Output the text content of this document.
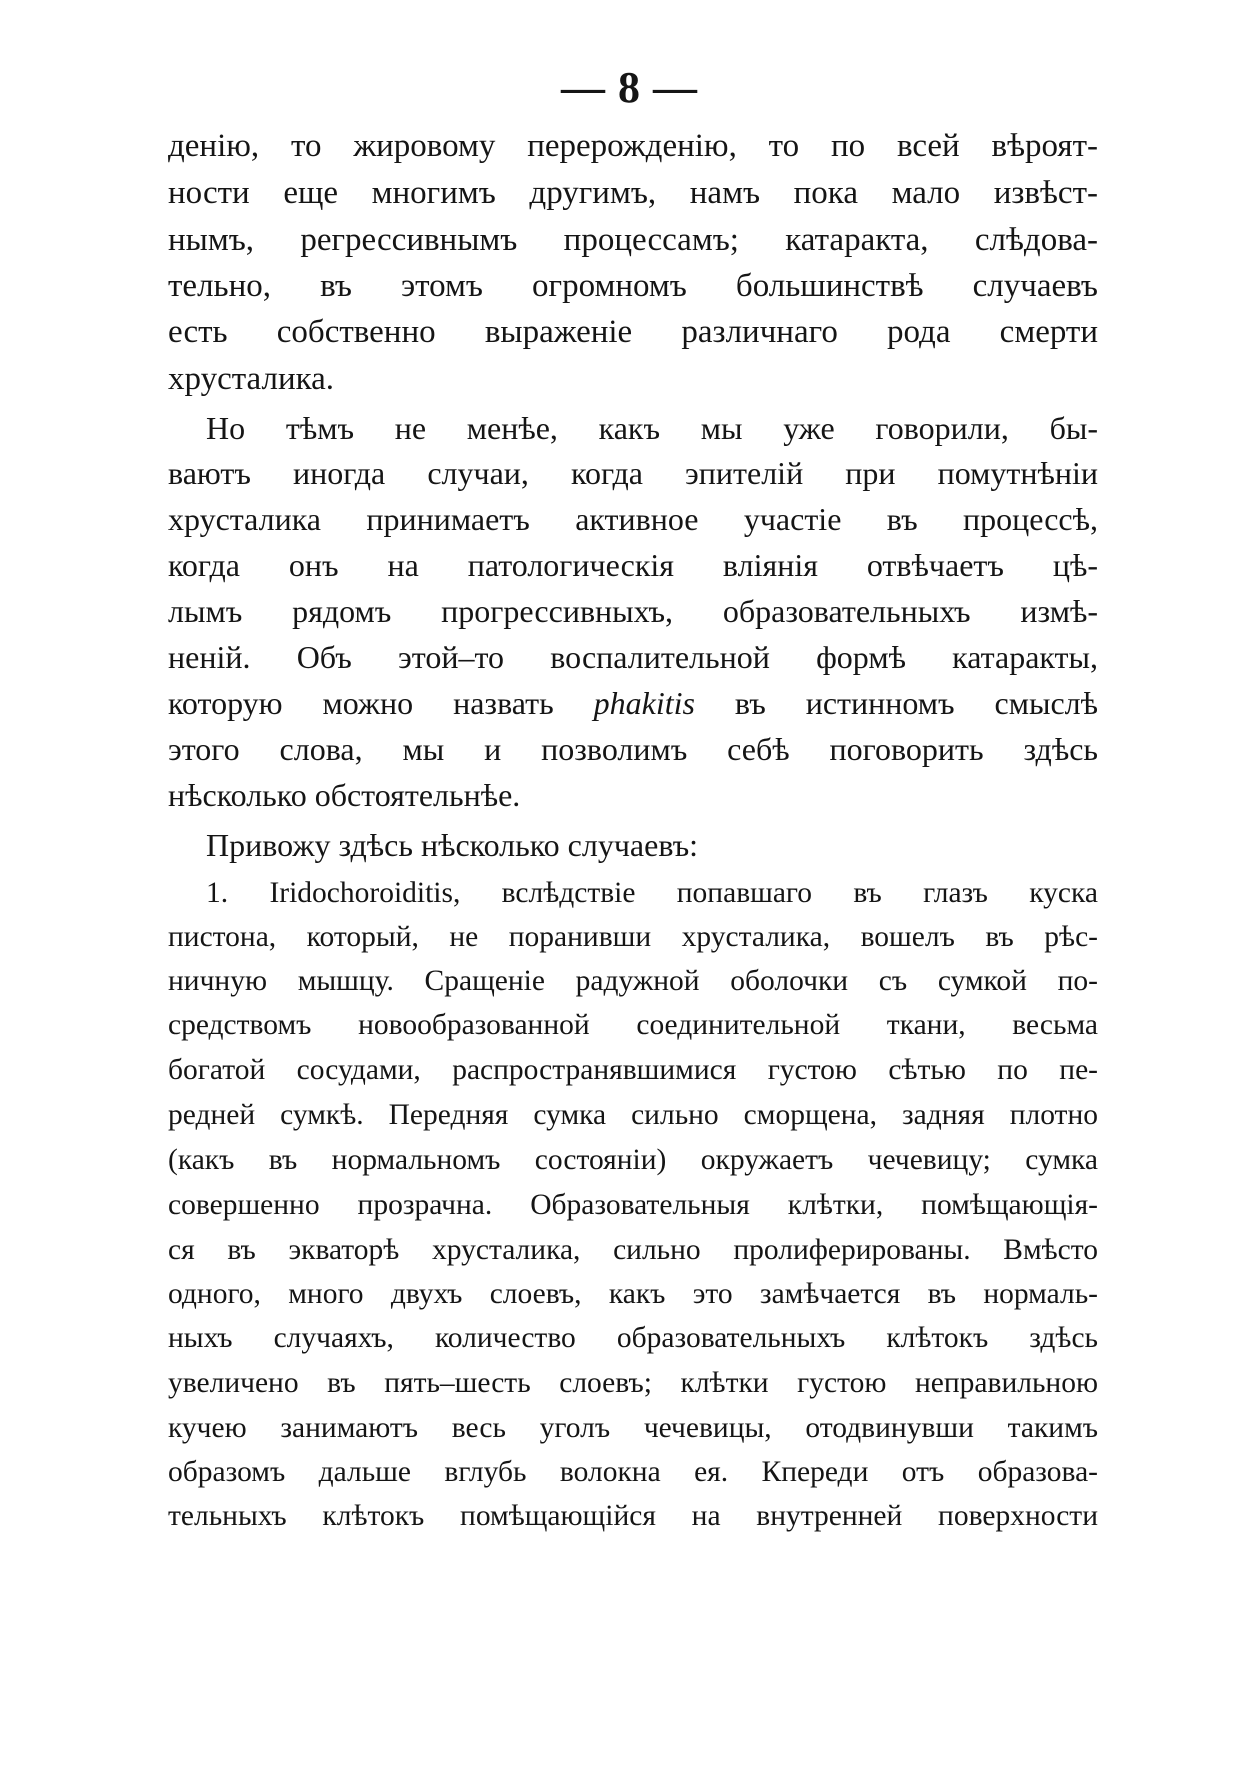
— 8 —
денію, то жировому перерожденію, то по всей вѣроят-
ности еще многимъ другимъ, намъ пока мало извѣст-
нымъ, регрессивнымъ процессамъ; катаракта, слѣдова-
тельно, въ этомъ огромномъ большинствѣ случаевъ
есть собственно выраженіе различнаго рода смерти
хрусталика.
Но тѣмъ не менѣе, какъ мы уже говорили, бы-
ваютъ иногда случаи, когда эпителій при помутнѣніи
хрусталика принимаетъ активное участіе въ процессѣ,
когда онъ на патологическія вліянія отвѣчаетъ цѣ-
лымъ рядомъ прогрессивныхъ, образовательныхъ измѣ-
неній. Объ этой–то воспалительной формѣ катаракты,
которую можно назвать phakitis въ истинномъ смыслѣ
этого слова, мы и позволимъ себѣ поговорить здѣсь
нѣсколько обстоятельнѣе.
Привожу здѣсь нѣсколько случаевъ:
1. Iridochoroiditis, вслѣдствіе попавшаго въ глазъ куска
пистона, который, не поранивши хрусталика, вошелъ въ рѣс-
ничную мышцу. Сращеніе радужной оболочки съ сумкой по-
средствомъ новообразованной соединительной ткани, весьма
богатой сосудами, распространявшимися густою сѣтью по пе-
редней сумкѣ. Передняя сумка сильно сморщена, задняя плотно
(какъ въ нормальномъ состояніи) окружаетъ чечевицу; сумка
совершенно прозрачна. Образовательныя клѣтки, помѣщающія-
ся въ экваторѣ хрусталика, сильно пролиферированы. Вмѣсто
одного, много двухъ слоевъ, какъ это замѣчается въ нормаль-
ныхъ случаяхъ, количество образовательныхъ клѣтокъ здѣсь
увеличено въ пять–шесть слоевъ; клѣтки густою неправильною
кучею занимаютъ весь уголъ чечевицы, отодвинувши такимъ
образомъ дальше вглубь волокна ея. Кпереди отъ образова-
тельныхъ клѣтокъ помѣщающійся на внутренней поверхности
